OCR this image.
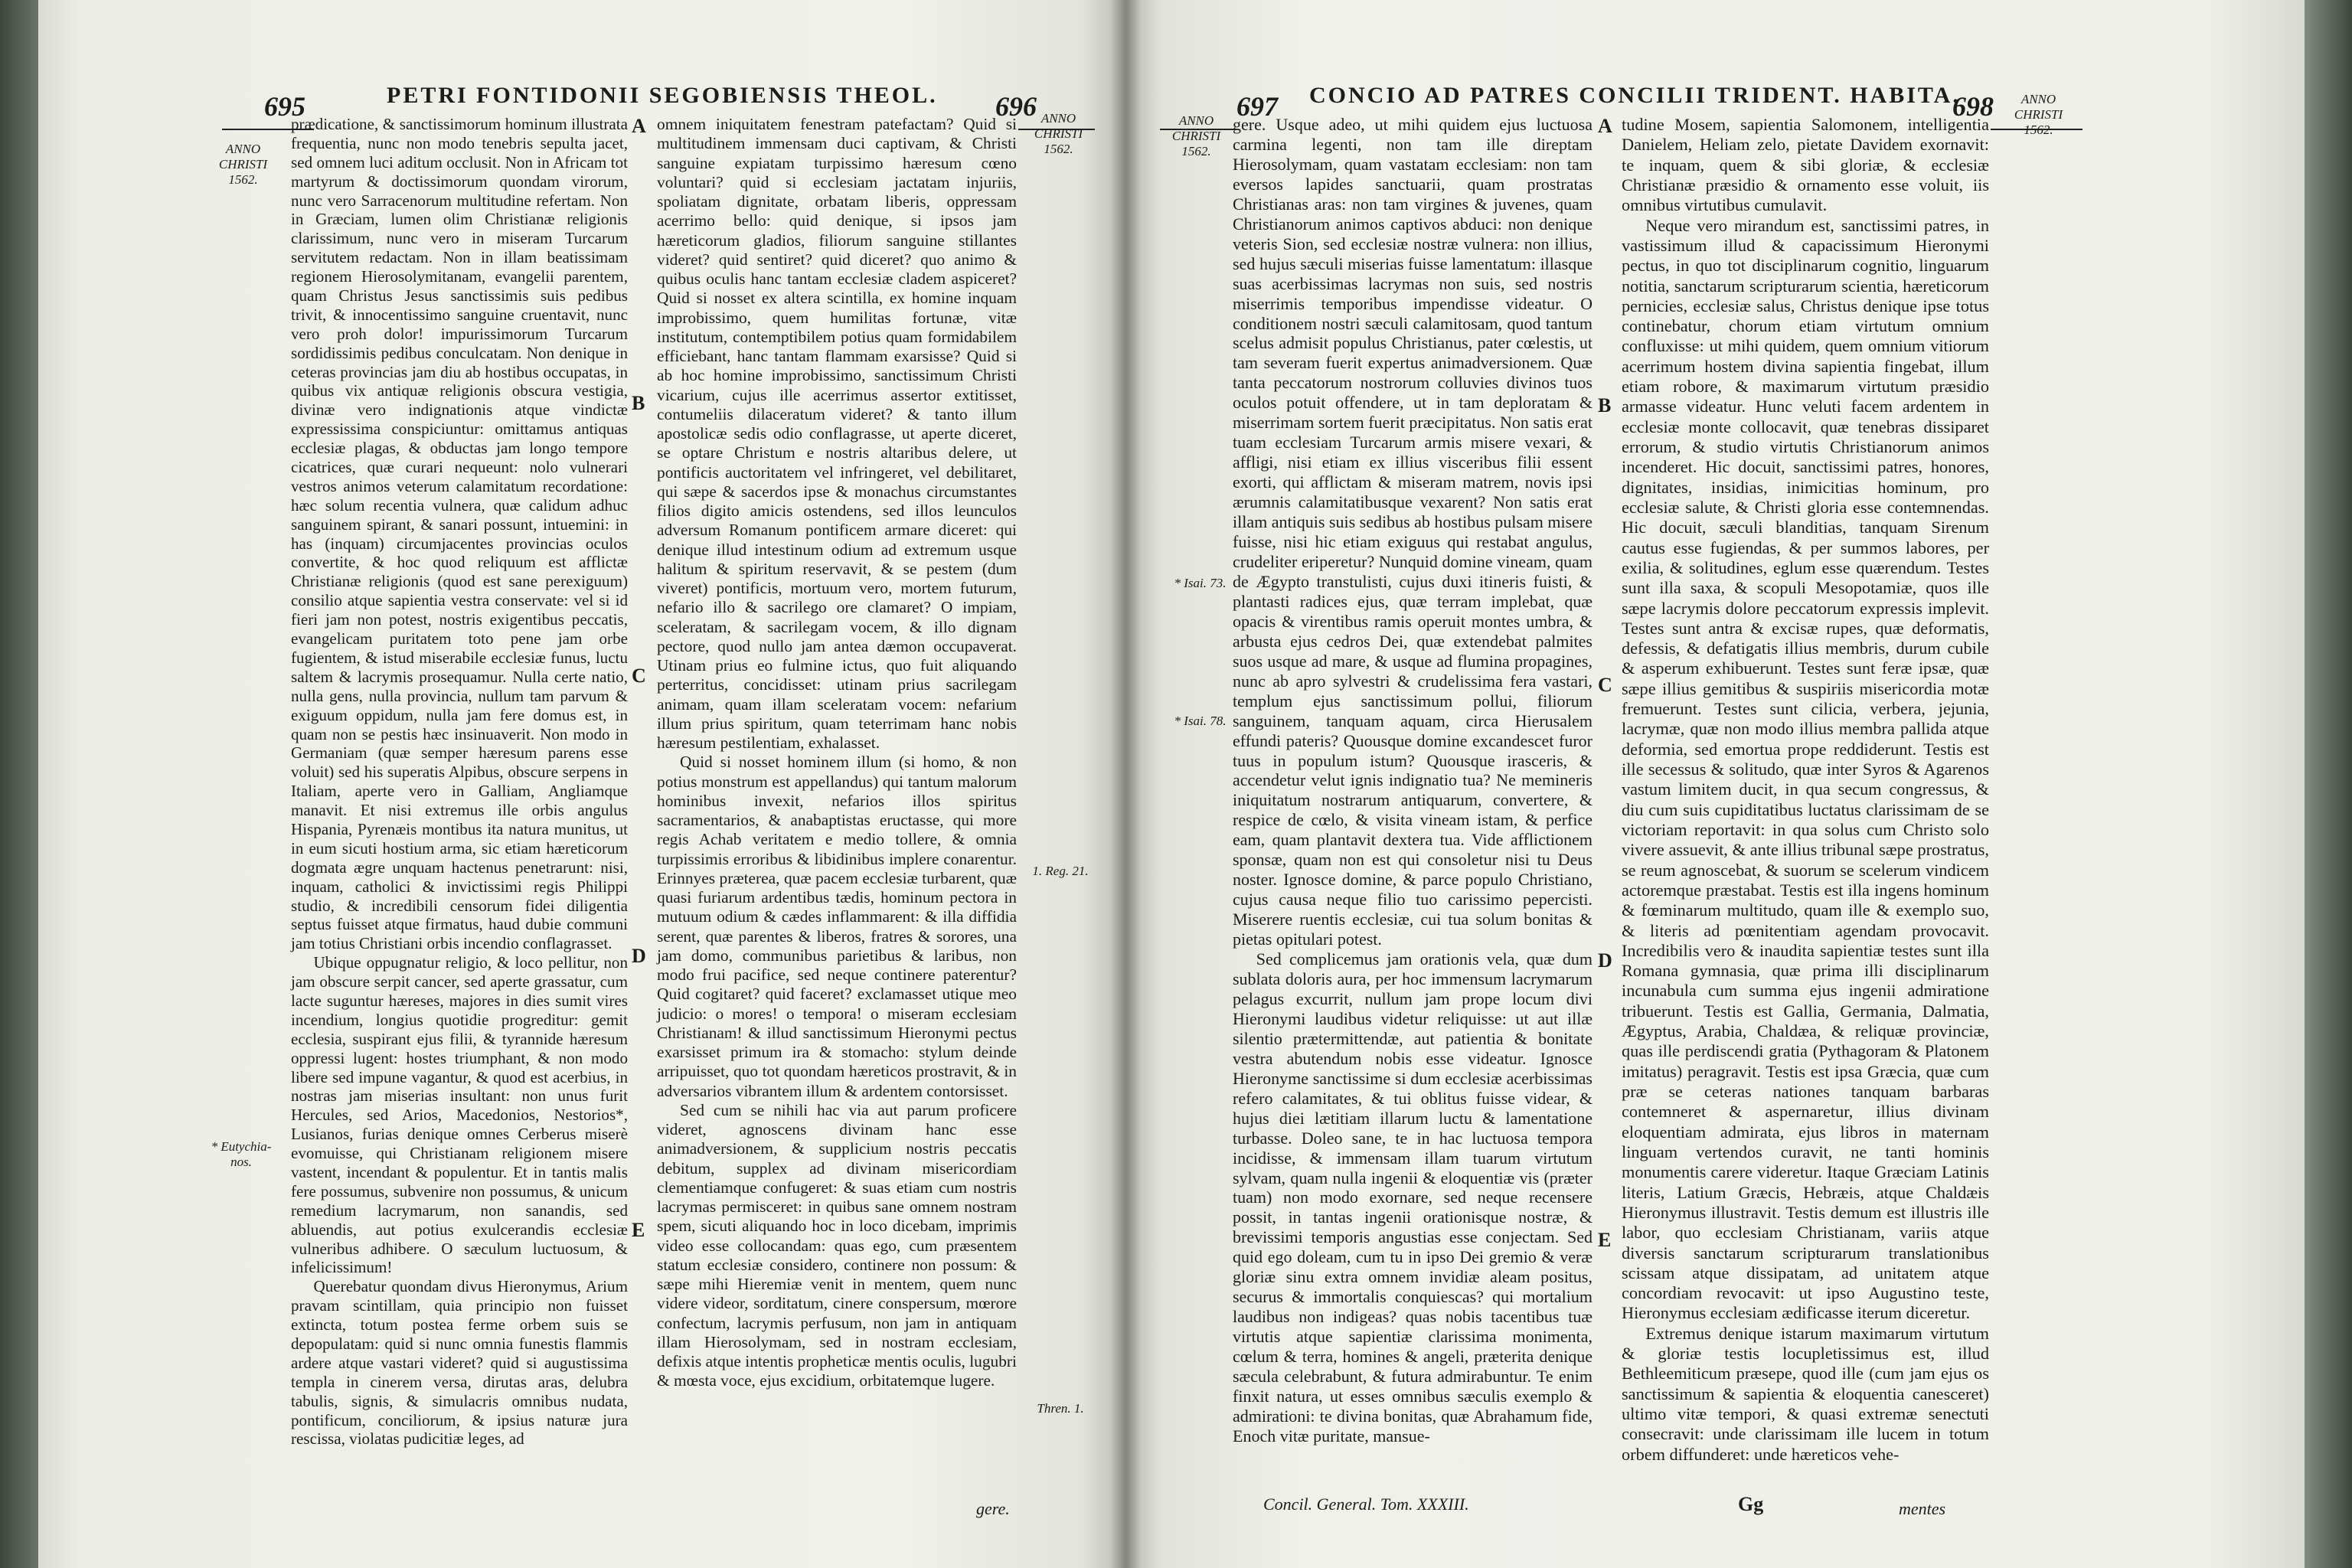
695	PETRI FONTIDONII SEGOBIENSIS THEOL. 696
ANNO
CHRISTI
1562.
ANNO
CHRISTI
1562.
* Eutychia-nos.
1. Reg. 21.
Thren. 1.
A
B
C
D
E

prædicatione, & sanctissimorum hominum illustrata frequentia, nunc non modo tenebris sepulta jacet, sed omnem luci aditum occlusit. Non in Africam tot martyrum & doctissimorum quondam virorum, nunc vero Sarracenorum multitudine refertam. Non in Græciam, lumen olim Christianæ religionis clarissimum, nunc vero in miseram Turcarum servitutem redactam. Non in illam beatissimam regionem Hierosolymitanam, evangelii parentem, quam Christus Jesus sanctissimis suis pedibus trivit, & innocentissimo sanguine cruentavit, nunc vero proh dolor! impurissimorum Turcarum sordidissimis pedibus conculcatam. Non denique in ceteras provincias jam diu ab hostibus occupatas, in quibus vix antiquæ religionis obscura vestigia, divinæ vero indignationis atque vindictæ expressissima conspiciuntur: omittamus antiquas ecclesiæ plagas, & obductas jam longo tempore cicatrices, quæ curari nequeunt: nolo vulnerari vestros animos veterum calamitatum recordatione: hæc solum recentia vulnera, quæ calidum adhuc sanguinem spirant, & sanari possunt, intuemini: in has (inquam) circumjacentes provincias oculos convertite, & hoc quod reliquum est afflictæ Christianæ religionis (quod est sane perexiguum) consilio atque sapientia vestra conservate: vel si id fieri jam non potest, nostris exigentibus peccatis, evangelicam puritatem toto pene jam orbe fugientem, & istud miserabile ecclesiæ funus, luctu saltem & lacrymis prosequamur. Nulla certe natio, nulla gens, nulla provincia, nullum tam parvum & exiguum oppidum, nulla jam fere domus est, in quam non se pestis hæc insinuaverit. Non modo in Germaniam (quæ semper hæresum parens esse voluit) sed his superatis Alpibus, obscure serpens in Italiam, aperte vero in Galliam, Angliamque manavit. Et nisi extremus ille orbis angulus Hispania, Pyrenæis montibus ita natura munitus, ut in eum sicuti hostium arma, sic etiam hæreticorum dogmata ægre unquam hactenus penetrarunt: nisi, inquam, catholici & invictissimi regis Philippi studio, & incredibili censorum fidei diligentia septus fuisset atque firmatus, haud dubie communi jam totius Christiani orbis incendio conflagrasset.

Ubique oppugnatur religio, & loco pellitur, non jam obscure serpit cancer, sed aperte grassatur, cum lacte suguntur hæreses, majores in dies sumit vires incendium, longius quotidie progreditur: gemit ecclesia, suspirant ejus filii, & tyrannide hæresum oppressi lugent: hostes triumphant, & non modo libere sed impune vagantur, & quod est acerbius, in nostras jam miserias insultant: non unus furit Hercules, sed Arios, Macedonios, Nestorios*, Lusianos, furias denique omnes Cerberus miserè evomuisse, qui Christianam religionem misere vastent, incendant & populentur. Et in tantis malis fere possumus, subvenire non possumus, & unicum remedium lacrymarum, non sanandis, sed abluendis, aut potius exulcerandis ecclesiæ vulneribus adhibere. O sæculum luctuosum, & infelicissimum!

Querebatur quondam divus Hieronymus, Arium pravam scintillam, quia principio non fuisset extincta, totum postea ferme orbem suis se depopulatam: quid si nunc omnia funestis flammis ardere atque vastari videret? quid si augustissima templa in cinerem versa, dirutas aras, delubra tabulis, signis, & simulacris omnibus nudata, pontificum, conciliorum, & ipsius naturæ jura rescissa, violatas pudicitiæ leges, ad

omnem iniquitatem fenestram patefactam? Quid si multitudinem immensam duci captivam, & Christi sanguine expiatam turpissimo hæresum cœno voluntari? quid si ecclesiam jactatam injuriis, spoliatam dignitate, orbatam liberis, oppressam acerrimo bello: quid denique, si ipsos jam hæreticorum gladios, filiorum sanguine stillantes videret? quid sentiret? quid diceret? quo animo & quibus oculis hanc tantam ecclesiæ cladem aspiceret? Quid si nosset ex altera scintilla, ex homine inquam improbissimo, quem humilitas fortunæ, vitæ institutum, contemptibilem potius quam formidabilem efficiebant, hanc tantam flammam exarsisse? Quid si ab hoc homine improbissimo, sanctissimum Christi vicarium, cujus ille acerrimus assertor extitisset, contumeliis dilaceratum videret? & tanto illum apostolicæ sedis odio conflagrasse, ut aperte diceret, se optare Christum e nostris altaribus delere, ut pontificis auctoritatem vel infringeret, vel debilitaret, qui sæpe & sacerdos ipse & monachus circumstantes filios digito amicis ostendens, sed illos leunculos adversum Romanum pontificem armare diceret: qui denique illud intestinum odium ad extremum usque halitum & spiritum reservavit, & se pestem (dum viveret) pontificis, mortuum vero, mortem futurum, nefario illo & sacrilego ore clamaret? O impiam, sceleratam, & sacrilegam vocem, & illo dignam pectore, quod nullo jam antea dæmon occupaverat. Utinam prius eo fulmine ictus, quo fuit aliquando perterritus, concidisset: utinam prius sacrilegam animam, quam illam sceleratam vocem: nefarium illum prius spiritum, quam teterrimam hanc nobis hæresum pestilentiam, exhalasset.

Quid si nosset hominem illum (si homo, & non potius monstrum est appellandus) qui tantum malorum hominibus invexit, nefarios illos spiritus sacramentarios, & anabaptistas eructasse, qui more regis Achab veritatem e medio tollere, & omnia turpissimis erroribus & libidinibus implere conarentur. Erinnyes præterea, quæ pacem ecclesiæ turbarent, quæ quasi furiarum ardentibus tædis, hominum pectora in mutuum odium & cædes inflammarent: & illa diffidia serent, quæ parentes & liberos, fratres & sorores, una jam domo, communibus parietibus & laribus, non modo frui pacifice, sed neque continere paterentur? Quid cogitaret? quid faceret? exclamasset utique meo judicio: o mores! o tempora! o miseram ecclesiam Christianam! & illud sanctissimum Hieronymi pectus exarsisset primum ira & stomacho: stylum deinde arripuisset, quo tot quondam hæreticos prostravit, & in adversarios vibrantem illum & ardentem contorsisset.

Sed cum se nihili hac via aut parum proficere videret, agnoscens divinam hanc esse animadversionem, & supplicium nostris peccatis debitum, supplex ad divinam misericordiam clementiamque confugeret: & suas etiam cum nostris lacrymas permisceret: in quibus sane omnem nostram spem, sicuti aliquando hoc in loco dicebam, imprimis video esse collocandam: quas ego, cum præsentem statum ecclesiæ considero, continere non possum: & sæpe mihi Hieremiæ venit in mentem, quem nunc videre videor, sorditatum, cinere conspersum, mœrore confectum, lacrymis perfusum, non jam in antiquam illam Hierosolymam, sed in nostram ecclesiam, defixis atque intentis propheticæ mentis oculis, lugubri & mœsta voce, ejus excidium, orbitatemque lugere.

gere.
697 CONCIO AD PATRES CONCILII TRIDENT. HABITA.
698
ANNO
CHRISTI
1562.
ANNO
CHRISTI
1562.
* Isai. 73.
* Isai. 78.
A
B
C
D
E

gere. Usque adeo, ut mihi quidem ejus luctuosa carmina legenti, non tam ille direptam Hierosolymam, quam vastatam ecclesiam: non tam eversos lapides sanctuarii, quam prostratas Christianas aras: non tam virgines & juvenes, quam Christianorum animos captivos abduci: non denique veteris Sion, sed ecclesiæ nostræ vulnera: non illius, sed hujus sæculi miserias fuisse lamentatum: illasque suas acerbissimas lacrymas non suis, sed nostris miserrimis temporibus impendisse videatur. O conditionem nostri sæculi calamitosam, quod tantum scelus admisit populus Christianus, pater cœlestis, ut tam severam fuerit expertus animadversionem. Quæ tanta peccatorum nostrorum colluvies divinos tuos oculos potuit offendere, ut in tam deploratam & miserrimam sortem fuerit præcipitatus. Non satis erat tuam ecclesiam Turcarum armis misere vexari, & affligi, nisi etiam ex illius visceribus filii essent exorti, qui afflictam & miseram matrem, novis ipsi ærumnis calamitatibusque vexarent? Non satis erat illam antiquis suis sedibus ab hostibus pulsam misere fuisse, nisi hic etiam exiguus qui restabat angulus, crudeliter eriperetur? Nunquid domine vineam, quam de Ægypto transtulisti, cujus duxi itineris fuisti, & plantasti radices ejus, quæ terram implebat, quæ opacis & virentibus ramis operuit montes umbra, & arbusta ejus cedros Dei, quæ extendebat palmites suos usque ad mare, & usque ad flumina propagines, nunc ab apro sylvestri & crudelissima fera vastari, templum ejus sanctissimum pollui, filiorum sanguinem, tanquam aquam, circa Hierusalem effundi pateris? Quousque domine excandescet furor tuus in populum istum? Quousque irasceris, & accendetur velut ignis indignatio tua? Ne memineris iniquitatum nostrarum antiquarum, convertere, & respice de cœlo, & visita vineam istam, & perfice eam, quam plantavit dextera tua. Vide afflictionem sponsæ, quam non est qui consoletur nisi tu Deus noster. Ignosce domine, & parce populo Christiano, cujus causa neque filio tuo carissimo pepercisti. Miserere ruentis ecclesiæ, cui tua solum bonitas & pietas opitulari potest.

Sed complicemus jam orationis vela, quæ dum sublata doloris aura, per hoc immensum lacrymarum pelagus excurrit, nullum jam prope locum divi Hieronymi laudibus videtur reliquisse: ut aut illæ silentio prætermittendæ, aut patientia & bonitate vestra abutendum nobis esse videatur. Ignosce Hieronyme sanctissime si dum ecclesiæ acerbissimas refero calamitates, & tui oblitus fuisse videar, & hujus diei lætitiam illarum luctu & lamentatione turbasse. Doleo sane, te in hac luctuosa tempora incidisse, & immensam illam tuarum virtutum sylvam, quam nulla ingenii & eloquentiæ vis (præter tuam) non modo exornare, sed neque recensere possit, in tantas ingenii orationisque nostræ, & brevissimi temporis angustias esse conjectam. Sed quid ego doleam, cum tu in ipso Dei gremio & veræ gloriæ sinu extra omnem invidiæ aleam positus, securus & immortalis conquiescas? qui mortalium laudibus non indigeas? quas nobis tacentibus tuæ virtutis atque sapientiæ clarissima monimenta, cœlum & terra, homines & angeli, præterita denique sæcula celebrabunt, & futura admirabuntur. Te enim finxit natura, ut esses omnibus sæculis exemplo & admirationi: te divina bonitas, quæ Abrahamum fide, Enoch vitæ puritate, mansue-

tudine Mosem, sapientia Salomonem, intelligentia Danielem, Heliam zelo, pietate Davidem exornavit: te inquam, quem & sibi gloriæ, & ecclesiæ Christianæ præsidio & ornamento esse voluit, iis omnibus virtutibus cumulavit.

Neque vero mirandum est, sanctissimi patres, in vastissimum illud & capacissimum Hieronymi pectus, in quo tot disciplinarum cognitio, linguarum notitia, sanctarum scripturarum scientia, hæreticorum pernicies, ecclesiæ salus, Christus denique ipse totus continebatur, chorum etiam virtutum omnium confluxisse: ut mihi quidem, quem omnium vitiorum acerrimum hostem divina sapientia fingebat, illum etiam robore, & maximarum virtutum præsidio armasse videatur. Hunc veluti facem ardentem in ecclesiæ monte collocavit, quæ tenebras dissiparet errorum, & studio virtutis Christianorum animos incenderet. Hic docuit, sanctissimi patres, honores, dignitates, insidias, inimicitias hominum, pro ecclesiæ salute, & Christi gloria esse contemnendas. Hic docuit, sæculi blanditias, tanquam Sirenum cautus esse fugiendas, & per summos labores, per exilia, & solitudines, eglum esse quærendum. Testes sunt illa saxa, & scopuli Mesopotamiæ, quos ille sæpe lacrymis dolore peccatorum expressis implevit. Testes sunt antra & excisæ rupes, quæ deformatis, defessis, & defatigatis illius membris, durum cubile & asperum exhibuerunt. Testes sunt feræ ipsæ, quæ sæpe illius gemitibus & suspiriis misericordia motæ fremuerunt. Testes sunt cilicia, verbera, jejunia, lacrymæ, quæ non modo illius membra pallida atque deformia, sed emortua prope reddiderunt. Testis est ille secessus & solitudo, quæ inter Syros & Agarenos vastum limitem ducit, in qua secum congressus, & diu cum suis cupiditatibus luctatus clarissimam de se victoriam reportavit: in qua solus cum Christo solo vivere assuevit, & ante illius tribunal sæpe prostratus, se reum agnoscebat, & suorum se scelerum vindicem actoremque præstabat. Testis est illa ingens hominum & fœminarum multitudo, quam ille & exemplo suo, & literis ad pœnitentiam agendam provocavit. Incredibilis vero & inaudita sapientiæ testes sunt illa Romana gymnasia, quæ prima illi disciplinarum incunabula cum summa ejus ingenii admiratione tribuerunt. Testis est Gallia, Germania, Dalmatia, Ægyptus, Arabia, Chaldæa, & reliquæ provinciæ, quas ille perdiscendi gratia (Pythagoram & Platonem imitatus) peragravit. Testis est ipsa Græcia, quæ cum præ se ceteras nationes tanquam barbaras contemneret & aspernaretur, illius divinam eloquentiam admirata, ejus libros in maternam linguam vertendos curavit, ne tanti hominis monumentis carere videretur. Itaque Græciam Latinis literis, Latium Græcis, Hebræis, atque Chaldæis Hieronymus illustravit. Testis demum est illustris ille labor, quo ecclesiam Christianam, variis atque diversis sanctarum scripturarum translationibus scissam atque dissipatam, ad unitatem atque concordiam revocavit: ut ipso Augustino teste, Hieronymus ecclesiam ædificasse iterum diceretur.

Extremus denique istarum maximarum virtutum & gloriæ testis locupletissimus est, illud Bethleemiticum præsepe, quod ille (cum jam ejus os sanctissimum & sapientia & eloquentia canesceret) ultimo vitæ tempori, & quasi extremæ senectuti consecravit: unde clarissimam ille lucem in totum orbem diffunderet: unde hæreticos vehe-

Concil. General. Tom. XXXIII.	Gg	mentes
